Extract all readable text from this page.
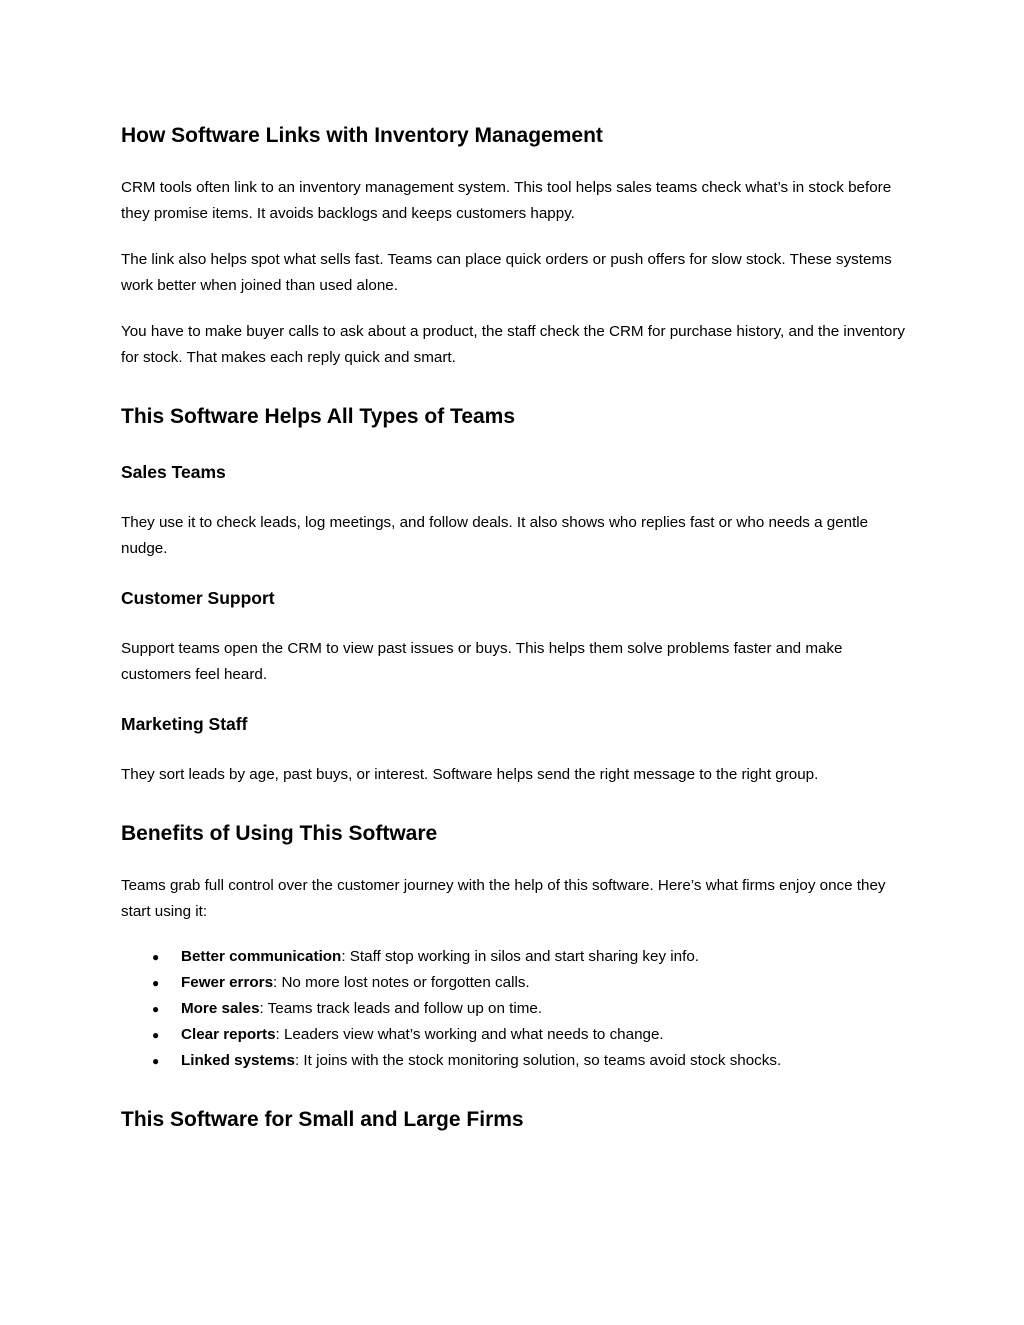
How Software Links with Inventory Management

CRM tools often link to an inventory management system. This tool helps sales teams check what’s in stock before they promise items. It avoids backlogs and keeps customers happy.

The link also helps spot what sells fast. Teams can place quick orders or push offers for slow stock. These systems work better when joined than used alone.

You have to make buyer calls to ask about a product, the staff check the CRM for purchase history, and the inventory for stock. That makes each reply quick and smart.

This Software Helps All Types of Teams
Sales Teams

They use it to check leads, log meetings, and follow deals. It also shows who replies fast or who needs a gentle nudge.

Customer Support

Support teams open the CRM to view past issues or buys. This helps them solve problems faster and make customers feel heard.

Marketing Staff

They sort leads by age, past buys, or interest. Software helps send the right message to the right group.

Benefits of Using This Software

Teams grab full control over the customer journey with the help of this software. Here’s what firms enjoy once they start using it:

● Better communication: Staff stop working in silos and start sharing key info.
● Fewer errors: No more lost notes or forgotten calls.
● More sales: Teams track leads and follow up on time.
● Clear reports: Leaders view what’s working and what needs to change.
● Linked systems: It joins with the stock monitoring solution, so teams avoid stock shocks.
This Software for Small and Large Firms
